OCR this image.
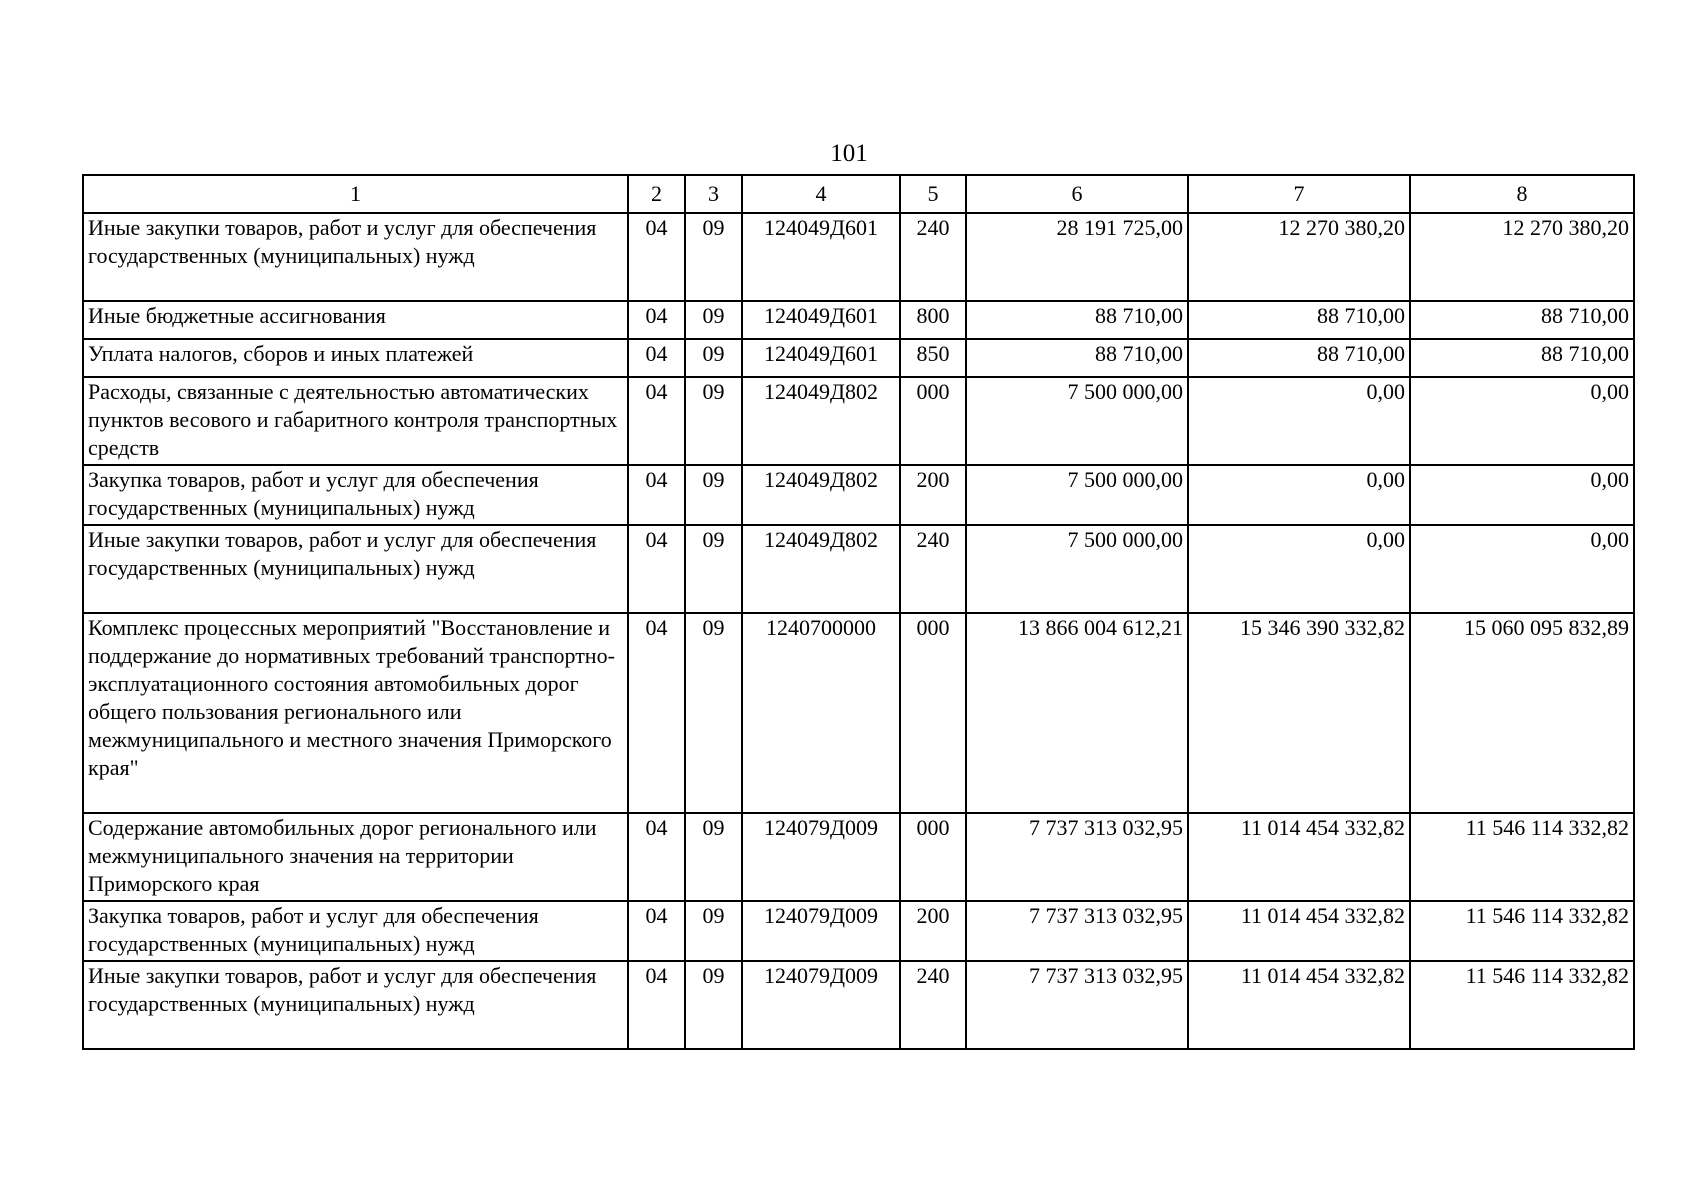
101
1	2	3	4	5	6	7	8
Иные закупки товаров, работ и услуг для обеспечения государственных (муниципальных) нужд	04	09	124049Д601	240	28 191 725,00	12 270 380,20	12 270 380,20
Иные бюджетные ассигнования	04	09	124049Д601	800	88 710,00	88 710,00	88 710,00
Уплата налогов, сборов и иных платежей	04	09	124049Д601	850	88 710,00	88 710,00	88 710,00
Расходы, связанные с деятельностью автоматических пунктов весового и габаритного контроля транспортных средств	04	09	124049Д802	000	7 500 000,00	0,00	0,00
Закупка товаров, работ и услуг для обеспечения государственных (муниципальных) нужд	04	09	124049Д802	200	7 500 000,00	0,00	0,00
Иные закупки товаров, работ и услуг для обеспечения государственных (муниципальных) нужд	04	09	124049Д802	240	7 500 000,00	0,00	0,00
Комплекс процессных мероприятий "Восстановление и поддержание до нормативных требований транспортно-эксплуатационного состояния автомобильных дорог общего пользования регионального или межмуниципального и местного значения Приморского края"	04	09	1240700000	000	13 866 004 612,21	15 346 390 332,82	15 060 095 832,89
Содержание автомобильных дорог регионального или межмуниципального значения на территории Приморского края	04	09	124079Д009	000	7 737 313 032,95	11 014 454 332,82	11 546 114 332,82
Закупка товаров, работ и услуг для обеспечения государственных (муниципальных) нужд	04	09	124079Д009	200	7 737 313 032,95	11 014 454 332,82	11 546 114 332,82
Иные закупки товаров, работ и услуг для обеспечения государственных (муниципальных) нужд	04	09	124079Д009	240	7 737 313 032,95	11 014 454 332,82	11 546 114 332,82
